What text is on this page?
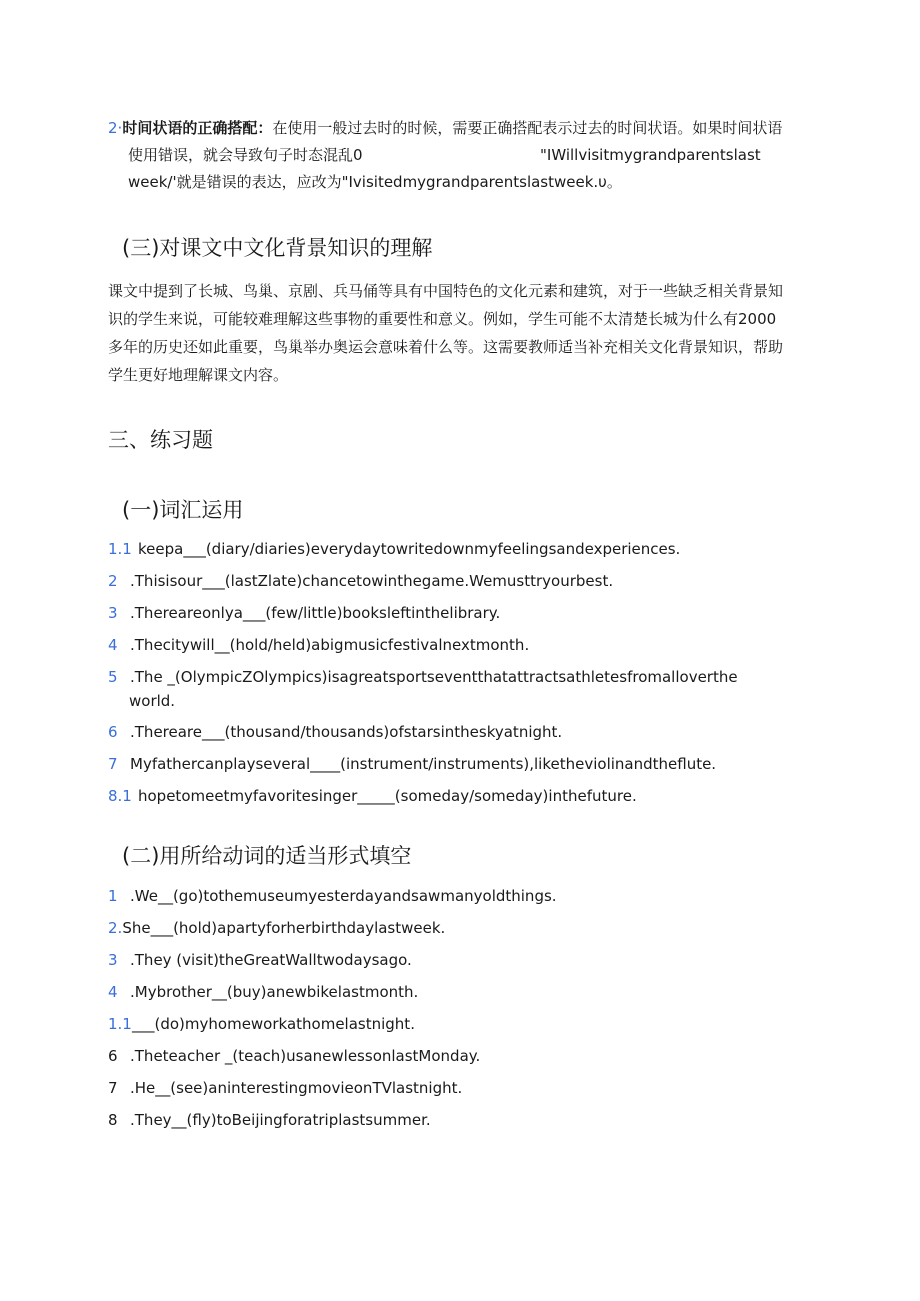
2·时间状语的正确搭配：在使用一般过去时的时候，需要正确搭配表示过去的时间状语。如果时间状语
使用错误，就会导致句子时态混乱0	"IWillvisitmygrandparentslast
week/'就是错误的表达，应改为"Ivisitedmygrandparentslastweek.υ。
(三)对课文中文化背景知识的理解
课文中提到了长城、鸟巢、京剧、兵马俑等具有中国特色的文化元素和建筑，对于一些缺乏相关背景知
识的学生来说，可能较难理解这些事物的重要性和意义。例如，学生可能不太清楚长城为什么有2000
多年的历史还如此重要，鸟巢举办奥运会意味着什么等。这需要教师适当补充相关文化背景知识，帮助
学生更好地理解课文内容。
三、练习题
(一)词汇运用
1.1 keepa___(diary/diaries)everydaytowritedownmyfeelingsandexperiences.
2 .Thisisour___(lastZlate)chancetowinthegame.Wemusttryourbest.
3 .Thereareonlya___(few/little)booksleftinthelibrary.
4 .Thecitywill__(hold/held)abigmusicfestivalnextmonth.
5 .The _(OlympicZOlympics)isagreatsportseventthatattractsathletesfromalloverthe
world.
6 .Thereare___(thousand/thousands)ofstarsintheskyatnight.
7 Myfathercanplayseveral____(instrument/instruments),liketheviolinandtheflute.
8.1 hopetomeetmyfavoritesinger_____(someday/someday)inthefuture.
(二)用所给动词的适当形式填空
1 .We__(go)tothemuseumyesterdayandsawmanyoldthings.
2.She___(hold)apartyforherbirthdaylastweek.
3 .They (visit)theGreatWalltwodaysago.
4 .Mybrother__(buy)anewbikelastmonth.
1.1___(do)myhomeworkathomelastnight.
6 .Theteacher _(teach)usanewlessonlastMonday.
7 .He__(see)aninterestingmovieonTVlastnight.
8 .They__(fly)toBeijingforatriplastsummer.
